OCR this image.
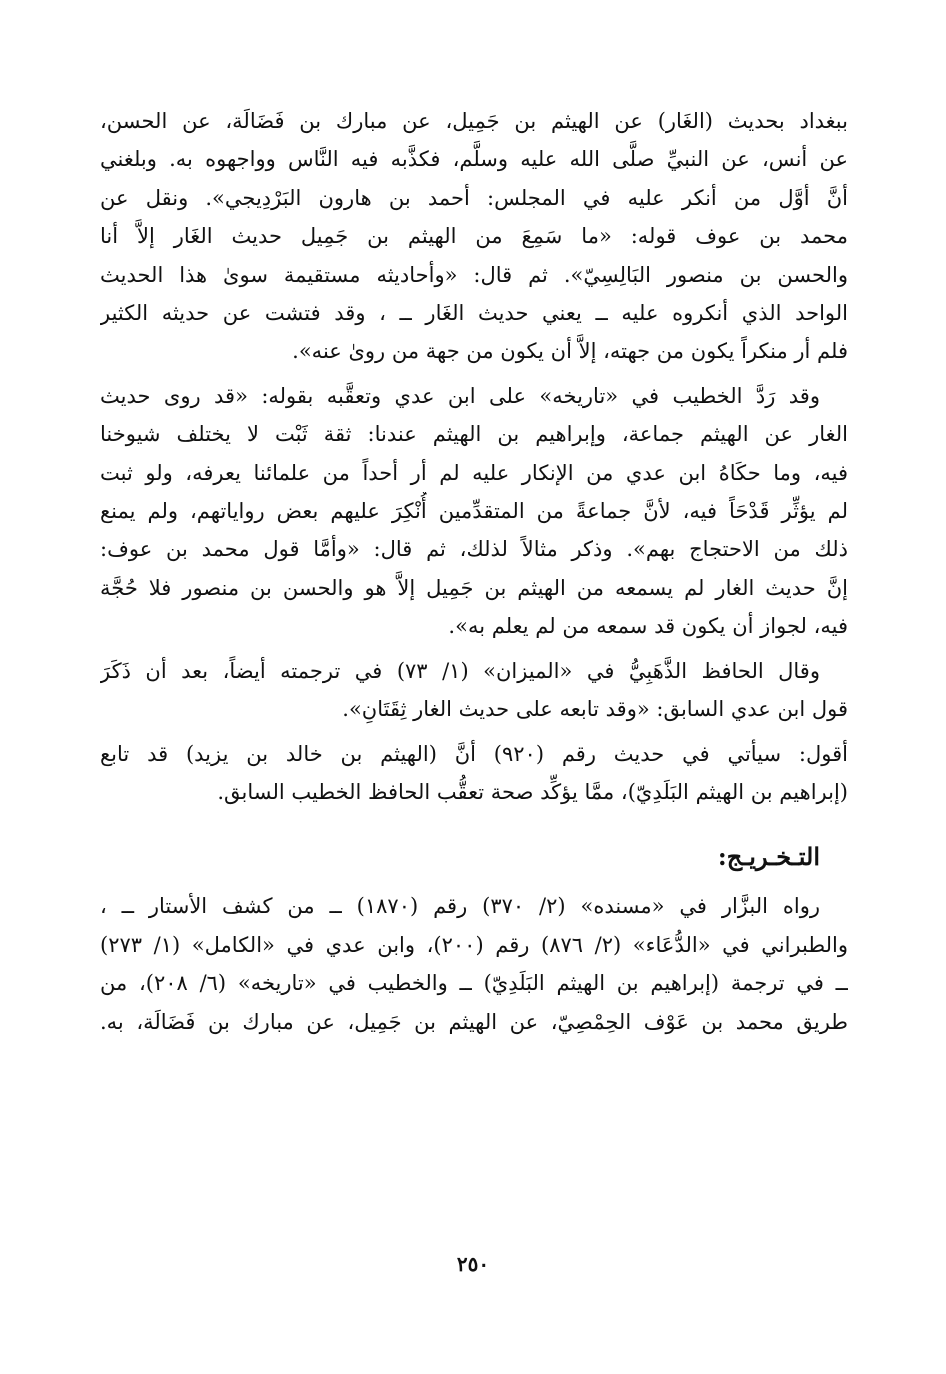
ببغداد بحديث (الغَار) عن الهيثم بن جَمِيل، عن مبارك بن فَضَالَة، عن الحسن،
عن أنس، عن النبيِّ صلَّى الله عليه وسلَّم، فكذَّبه فيه النَّاس وواجهوه به. وبلغني
أنَّ أوَّل من أنكر عليه في المجلس: أحمد بن هارون البَرْدِيجي». ونقل عن
محمد بن عوف قوله: «ما سَمِعَ من الهيثم بن جَمِيل حديث الغَار إلاَّ أنا
والحسن بن منصور البَالِسِيّ». ثم قال: «وأحاديثه مستقيمة سوىٰ هذا الحديث
الواحد الذي أنكروه عليه ــ يعني حديث الغَار ــ ، وقد فتشت عن حديثه الكثير
فلم أر منكراً يكون من جهته، إلاَّ أن يكون من جهة من روىٰ عنه».

وقد رَدَّ الخطيب في «تاريخه» على ابن عدي وتعقَّبه بقوله: «قد روى حديث
الغار عن الهيثم جماعة، وإبراهيم بن الهيثم عندنا: ثقة ثَبْت لا يختلف شيوخنا
فيه، وما حكَاهُ ابن عدي من الإنكار عليه لم أر أحداً من علمائنا يعرفه، ولو ثبت
لم يؤثِّر قَدْحَاً فيه، لأنَّ جماعةً من المتقدِّمين أُنْكِرَ عليهم بعض رواياتهم، ولم يمنع
ذلك من الاحتجاج بهم». وذكر مثالاً لذلك، ثم قال: «وأمَّا قول محمد بن عوف:
إنَّ حديث الغار لم يسمعه من الهيثم بن جَمِيل إلاَّ هو والحسن بن منصور فلا حُجَّة
فيه، لجواز أن يكون قد سمعه من لم يعلم به».

وقال الحافظ الذَّهَبِيُّ في «الميزان» (١/ ٧٣) في ترجمته أيضاً، بعد أن ذَكَرَ
قول ابن عدي السابق: «وقد تابعه على حديث الغار ثِقَتَانِ».

أقول: سيأتي في حديث رقم (٩٢٠) أنَّ (الهيثم بن خالد بن يزيد) قد تابع
(إبراهيم بن الهيثم البَلَدِيّ)، ممَّا يؤكِّد صحة تعقُّب الحافظ الخطيب السابق.

التـخـريـج:

رواه البزَّار في «مسنده» (٢/ ٣٧٠) رقم (١٨٧٠) ــ من كشف الأستار ــ ،
والطبراني في «الدُّعَاء» (٢/ ٨٧٦) رقم (٢٠٠)، وابن عدي في «الكامل» (١/ ٢٧٣)
ــ في ترجمة (إبراهيم بن الهيثم البَلَدِيّ) ــ والخطيب في «تاريخه» (٦/ ٢٠٨)، من
طريق محمد بن عَوْف الحِمْصِيّ، عن الهيثم بن جَمِيل، عن مبارك بن فَضَالَة، به.

٢٥٠
